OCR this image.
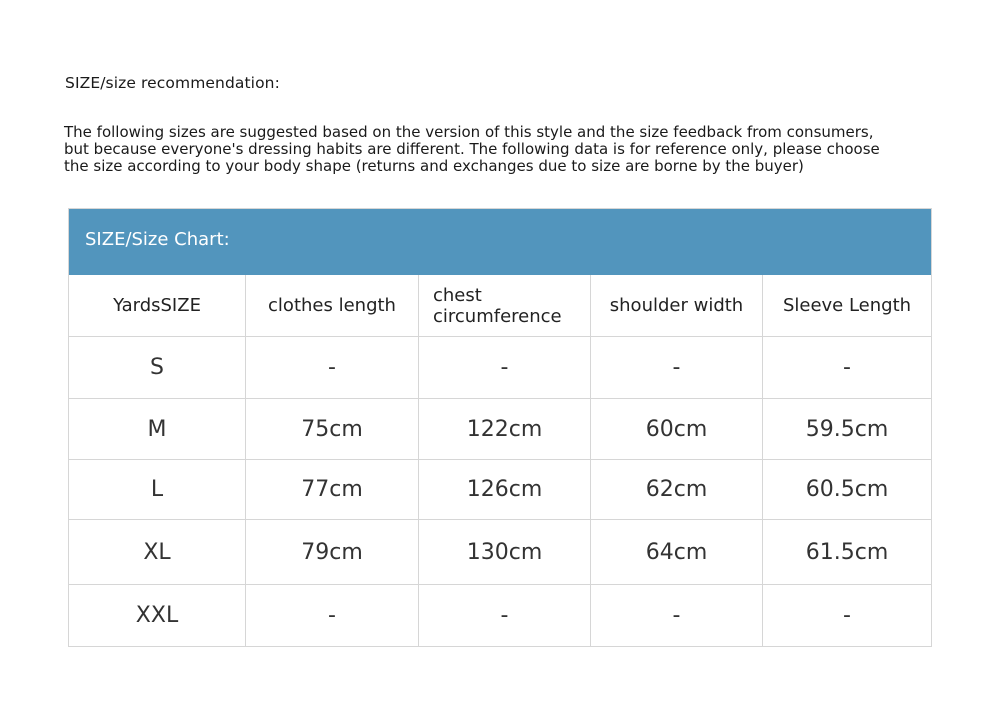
SIZE/size recommendation:
The following sizes are suggested based on the version of this style and the size feedback from consumers,
but because everyone's dressing habits are different. The following data is for reference only, please choose
the size according to your body shape (returns and exchanges due to size are borne by the buyer)
SIZE/Size Chart:
YardsSIZE	clothes length	chest circumference	shoulder width	Sleeve Length
S	-	-	-	-
M	75cm	122cm	60cm	59.5cm
L	77cm	126cm	62cm	60.5cm
XL	79cm	130cm	64cm	61.5cm
XXL	-	-	-	-
